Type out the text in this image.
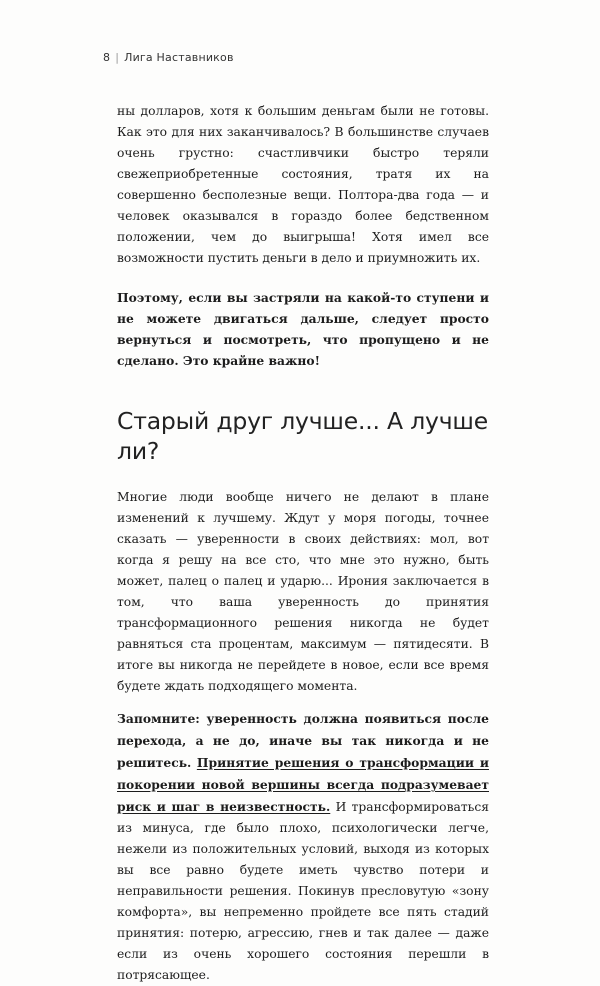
8 | Лига Наставников

ны долларов, хотя к большим деньгам были не готовы. Как это для них заканчивалось? В большинстве случаев очень грустно: счастливчики быстро теряли свежеприобретенные состояния, тратя их на совершенно бесполезные вещи. Полтора-два года — и человек оказывался в гораздо более бедственном положении, чем до выигрыша! Хотя имел все возможности пустить деньги в дело и приумножить их.

Поэтому, если вы застряли на какой-то ступени и не можете двигаться дальше, следует просто вернуться и посмотреть, что пропущено и не сделано. Это крайне важно!

Старый друг лучше... А лучше ли?

Многие люди вообще ничего не делают в плане изменений к лучшему. Ждут у моря погоды, точнее сказать — уверенности в своих действиях: мол, вот когда я решу на все сто, что мне это нужно, быть может, палец о палец и ударю... Ирония заключается в том, что ваша уверенность до принятия трансформационного решения никогда не будет равняться ста процентам, максимум — пятидесяти. В итоге вы никогда не перейдете в новое, если все время будете ждать подходящего момента.

Запомните: уверенность должна появиться после перехода, а не до, иначе вы так никогда и не решитесь. Принятие решения о трансформации и покорении новой вершины всегда подразумевает риск и шаг в неизвестность. И трансформироваться из минуса, где было плохо, психологически легче, нежели из положительных условий, выходя из которых вы все равно будете иметь чувство потери и неправильности решения. Покинув пресловутую «зону комфорта», вы непременно пройдете все пять стадий принятия: потерю, агрессию, гнев и так далее — даже если из очень хорошего состояния перешли в потрясающее.
